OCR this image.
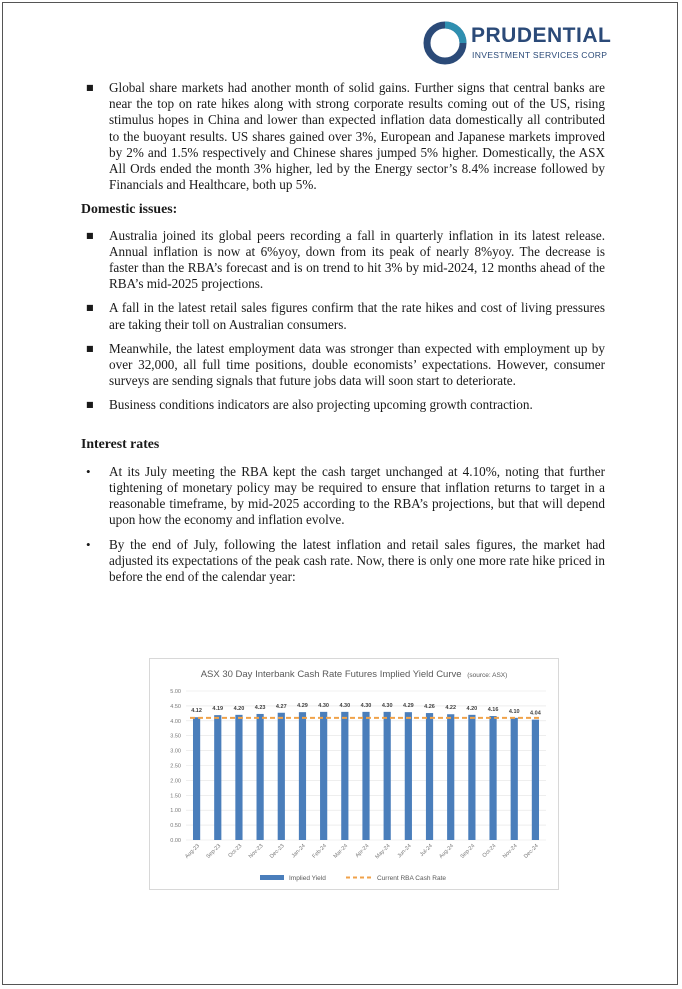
PRUDENTIAL
INVESTMENT SERVICES CORP
■ Global share markets had another month of solid gains. Further signs that central banks are near the top on rate hikes along with strong corporate results coming out of the US, rising stimulus hopes in China and lower than expected inflation data domestically all contributed to the buoyant results. US shares gained over 3%, European and Japanese markets improved by 2% and 1.5% respectively and Chinese shares jumped 5% higher. Domestically, the ASX All Ords ended the month 3% higher, led by the Energy sector’s 8.4% increase followed by Financials and Healthcare, both up 5%.
Domestic issues:
■ Australia joined its global peers recording a fall in quarterly inflation in its latest release. Annual inflation is now at 6%yoy, down from its peak of nearly 8%yoy. The decrease is faster than the RBA’s forecast and is on trend to hit 3% by mid-2024, 12 months ahead of the RBA’s mid-2025 projections.
■ A fall in the latest retail sales figures confirm that the rate hikes and cost of living pressures are taking their toll on Australian consumers.
■ Meanwhile, the latest employment data was stronger than expected with employment up by over 32,000, all full time positions, double economists’ expectations. However, consumer surveys are sending signals that future jobs data will soon start to deteriorate.
■ Business conditions indicators are also projecting upcoming growth contraction.
Interest rates
• At its July meeting the RBA kept the cash target unchanged at 4.10%, noting that further tightening of monetary policy may be required to ensure that inflation returns to target in a reasonable timeframe, by mid-2025 according to the RBA’s projections, but that will depend upon how the economy and inflation evolve.
• By the end of July, following the latest inflation and retail sales figures, the market had adjusted its expectations of the peak cash rate. Now, there is only one more rate hike priced in before the end of the calendar year:
ASX 30 Day Interbank Cash Rate Futures Implied Yield Curve (source: ASX)
0.00
0.50
1.00
1.50
2.00
2.50
3.00
3.50
4.00
4.50
5.00
4.12 4.19 4.20 4.23 4.27 4.29 4.30 4.30 4.30 4.30 4.29 4.26 4.22 4.20 4.16 4.10 4.04
Aug-23 Sep-23 Oct-23 Nov-23 Dec-23 Jan-24 Feb-24 Mar-24 Apr-24 May-24 Jun-24 Jul-24 Aug-24 Sep-24 Oct-24 Nov-24 Dec-24
Implied Yield	Current RBA Cash Rate
